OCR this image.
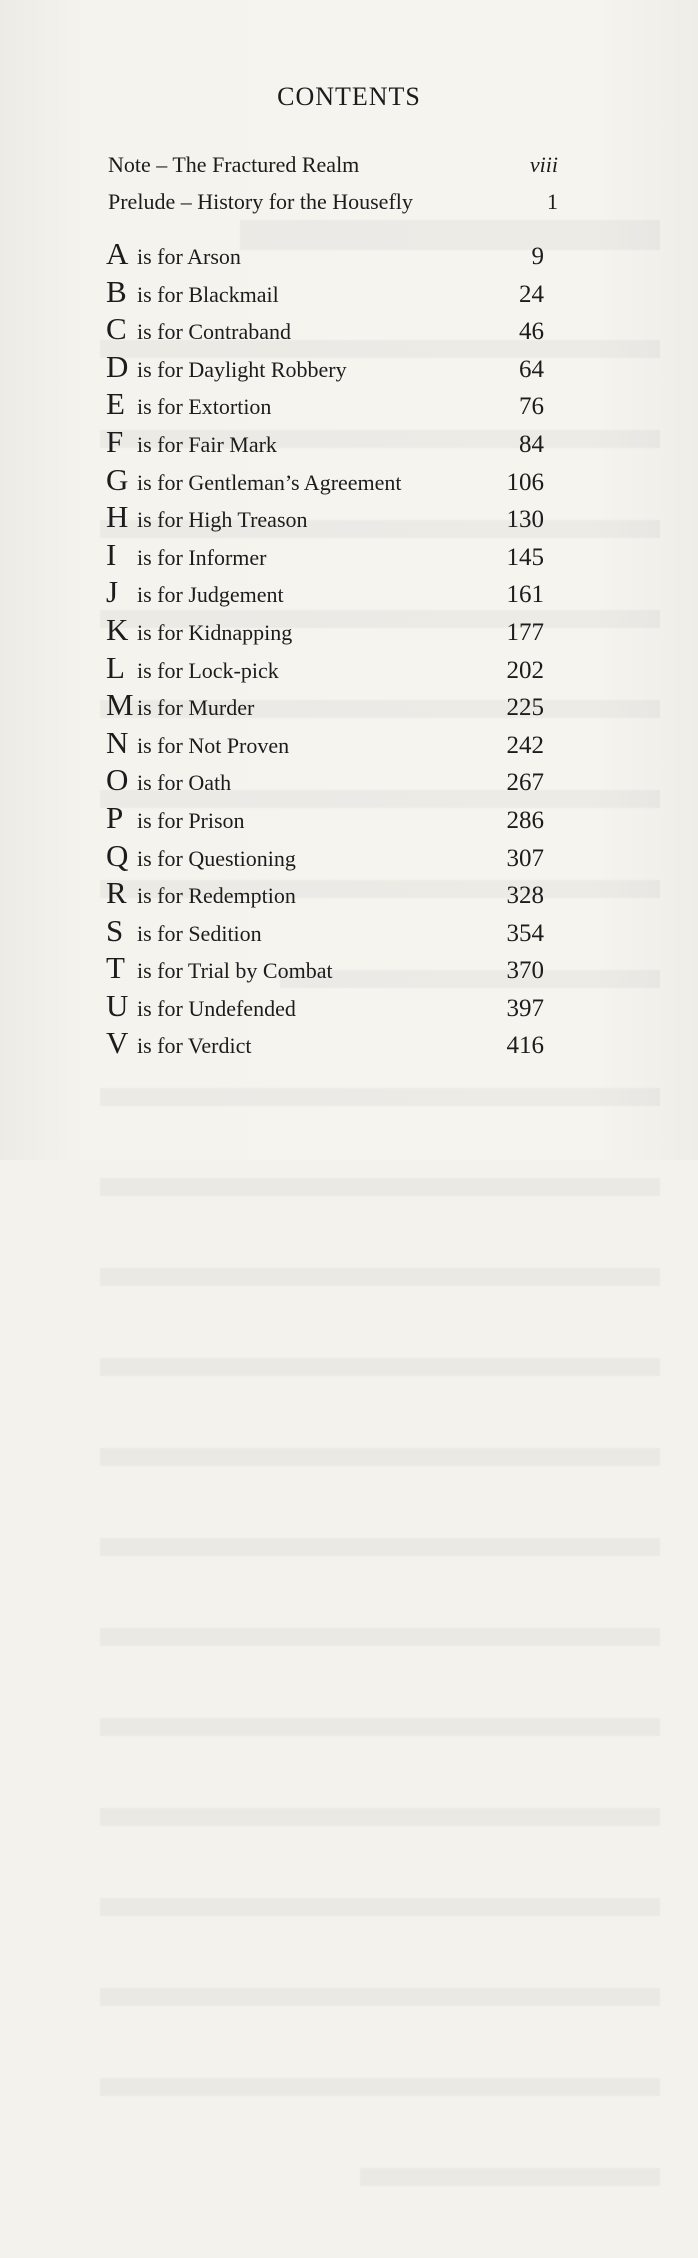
CONTENTS
Note – The Fractured Realm	viii
Prelude – History for the Housefly	1
A is for Arson	9
B is for Blackmail	24
C is for Contraband	46
D is for Daylight Robbery	64
E is for Extortion	76
F is for Fair Mark	84
G is for Gentleman’s Agreement	106
H is for High Treason	130
I is for Informer	145
J is for Judgement	161
K is for Kidnapping	177
L is for Lock-pick	202
M is for Murder	225
N is for Not Proven	242
O is for Oath	267
P is for Prison	286
Q is for Questioning	307
R is for Redemption	328
S is for Sedition	354
T is for Trial by Combat	370
U is for Undefended	397
V is for Verdict	416
